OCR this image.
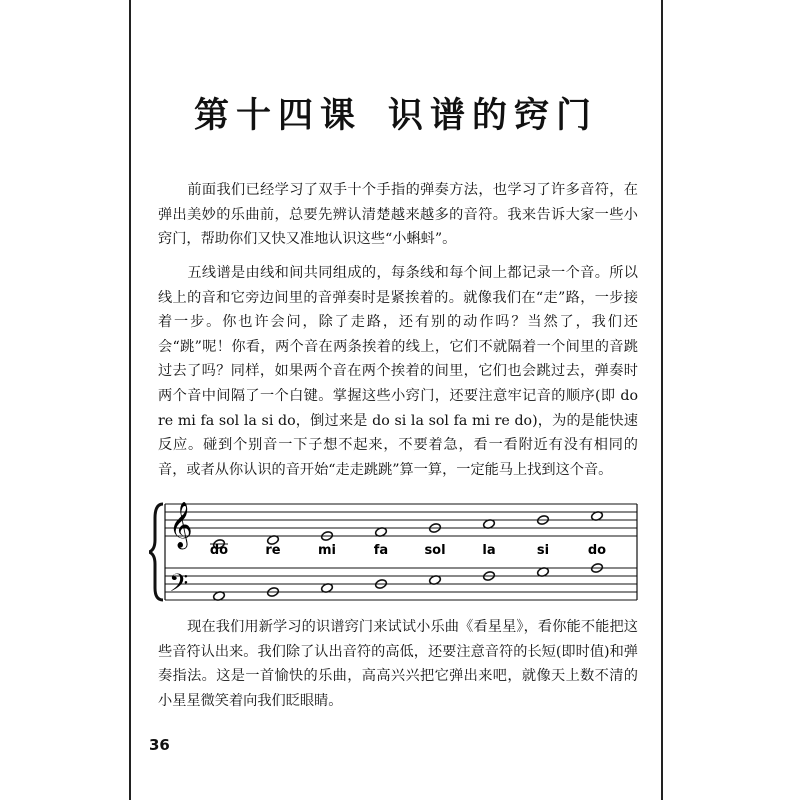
第十四课 识谱的窍门

前面我们已经学习了双手十个手指的弹奏方法，也学习了许多音符，在弹出美妙的乐曲前，总要先辨认清楚越来越多的音符。我来告诉大家一些小窍门，帮助你们又快又准地认识这些“小蝌蚪”。

五线谱是由线和间共同组成的，每条线和每个间上都记录一个音。所以线上的音和它旁边间里的音弹奏时是紧挨着的。就像我们在“走”路，一步接着一步。你也许会问，除了走路，还有别的动作吗？当然了，我们还会“跳”呢！你看，两个音在两条挨着的线上，它们不就隔着一个间里的音跳过去了吗？同样，如果两个音在两个挨着的间里，它们也会跳过去，弹奏时两个音中间隔了一个白键。掌握这些小窍门，还要注意牢记音的顺序(即 do re mi fa sol la si do，倒过来是 do si la sol fa mi re do)，为的是能快速反应。碰到个别音一下子想不起来，不要着急，看一看附近有没有相同的音，或者从你认识的音开始“走走跳跳”算一算，一定能马上找到这个音。

𝄞
𝄢
do	re	mi	fa	sol	la	si	do

现在我们用新学习的识谱窍门来试试小乐曲《看星星》，看你能不能把这些音符认出来。我们除了认出音符的高低，还要注意音符的长短(即时值)和弹奏指法。这是一首愉快的乐曲，高高兴兴把它弹出来吧，就像天上数不清的小星星微笑着向我们眨眼睛。

36
